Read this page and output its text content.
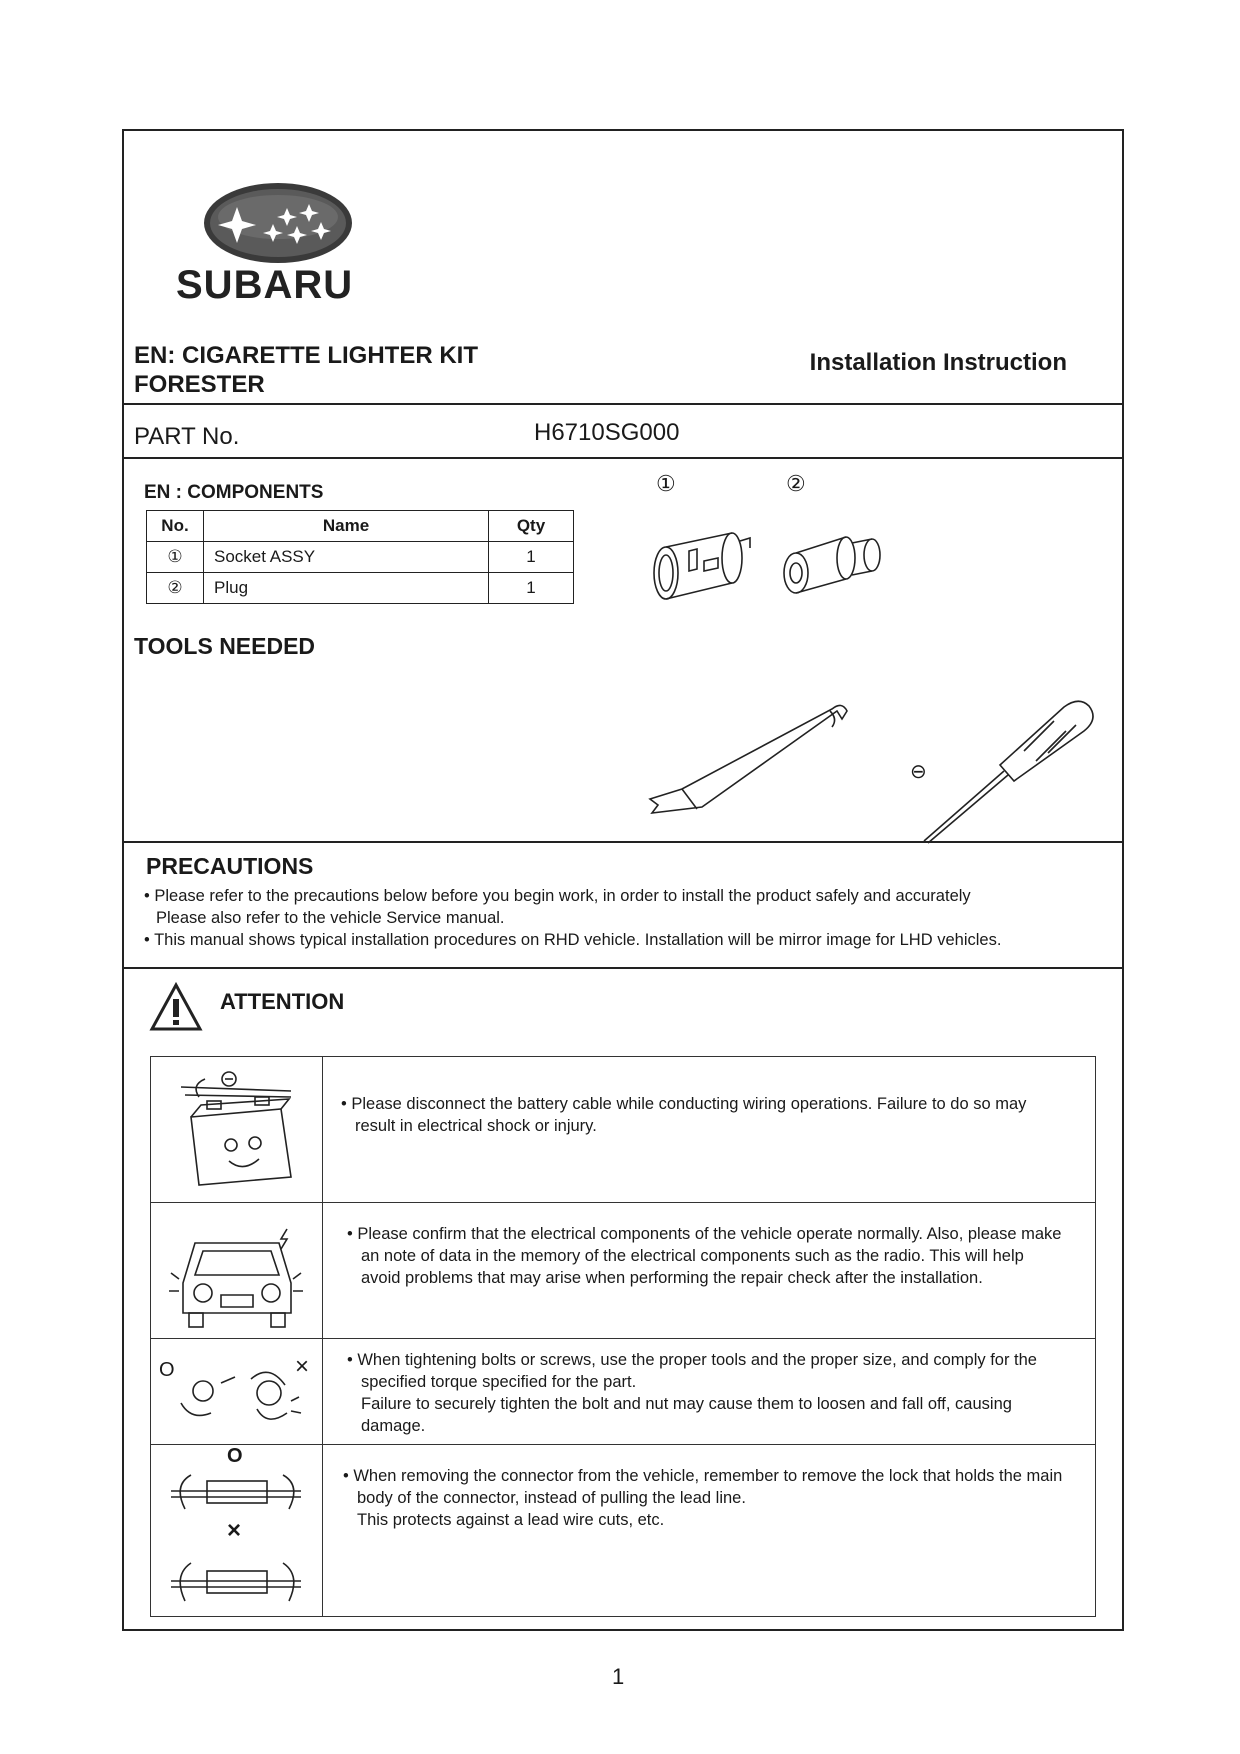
SUBARU
EN: CIGARETTE LIGHTER KIT
FORESTER
Installation Instruction
PART No.	H6710SG000
EN : COMPONENTS
No.	Name	Qty
①	Socket ASSY	1
②	Plug	1
①	②
TOOLS NEEDED
⊖
PRECAUTIONS
• Please refer to the precautions below before you begin work, in order to install the product safely and accurately
Please also refer to the vehicle Service manual.
• This manual shows typical installation procedures on RHD vehicle. Installation will be mirror image for LHD vehicles.
ATTENTION
• Please disconnect the battery cable while conducting wiring operations. Failure to do so may result in electrical shock or injury.
• Please confirm that the electrical components of the vehicle operate normally. Also, please make an note of data in the memory of the electrical components such as the radio. This will help avoid problems that may arise when performing the repair check after the installation.
O	× • When tightening bolts or screws, use the proper tools and the proper size, and comply for the specified torque specified for the part.
Failure to securely tighten the bolt and nut may cause them to loosen and fall off, causing damage.
O
×
• When removing the connector from the vehicle, remember to remove the lock that holds the main body of the connector, instead of pulling the lead line.
This protects against a lead wire cuts, etc.
1
